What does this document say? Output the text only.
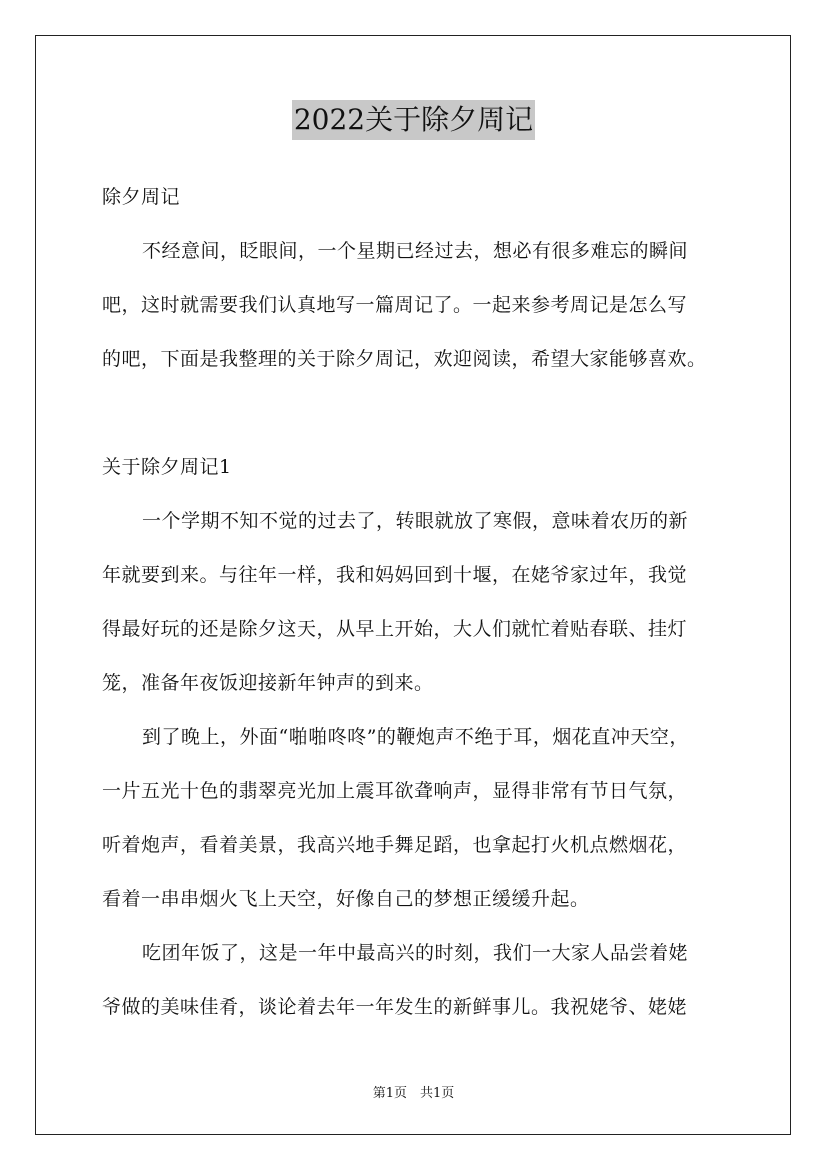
2022关于除夕周记
除夕周记
不经意间，眨眼间，一个星期已经过去，想必有很多难忘的瞬间
吧，这时就需要我们认真地写一篇周记了。一起来参考周记是怎么写
的吧，下面是我整理的关于除夕周记，欢迎阅读，希望大家能够喜欢。
关于除夕周记1
一个学期不知不觉的过去了，转眼就放了寒假，意味着农历的新
年就要到来。与往年一样，我和妈妈回到十堰，在姥爷家过年，我觉
得最好玩的还是除夕这天，从早上开始，大人们就忙着贴春联、挂灯
笼，准备年夜饭迎接新年钟声的到来。
到了晚上，外面“啪啪咚咚”的鞭炮声不绝于耳，烟花直冲天空，
一片五光十色的翡翠亮光加上震耳欲聋响声，显得非常有节日气氛，
听着炮声，看着美景，我高兴地手舞足蹈，也拿起打火机点燃烟花，
看着一串串烟火飞上天空，好像自己的梦想正缓缓升起。
吃团年饭了，这是一年中最高兴的时刻，我们一大家人品尝着姥
爷做的美味佳肴，谈论着去年一年发生的新鲜事儿。我祝姥爷、姥姥
第1页　共1页
